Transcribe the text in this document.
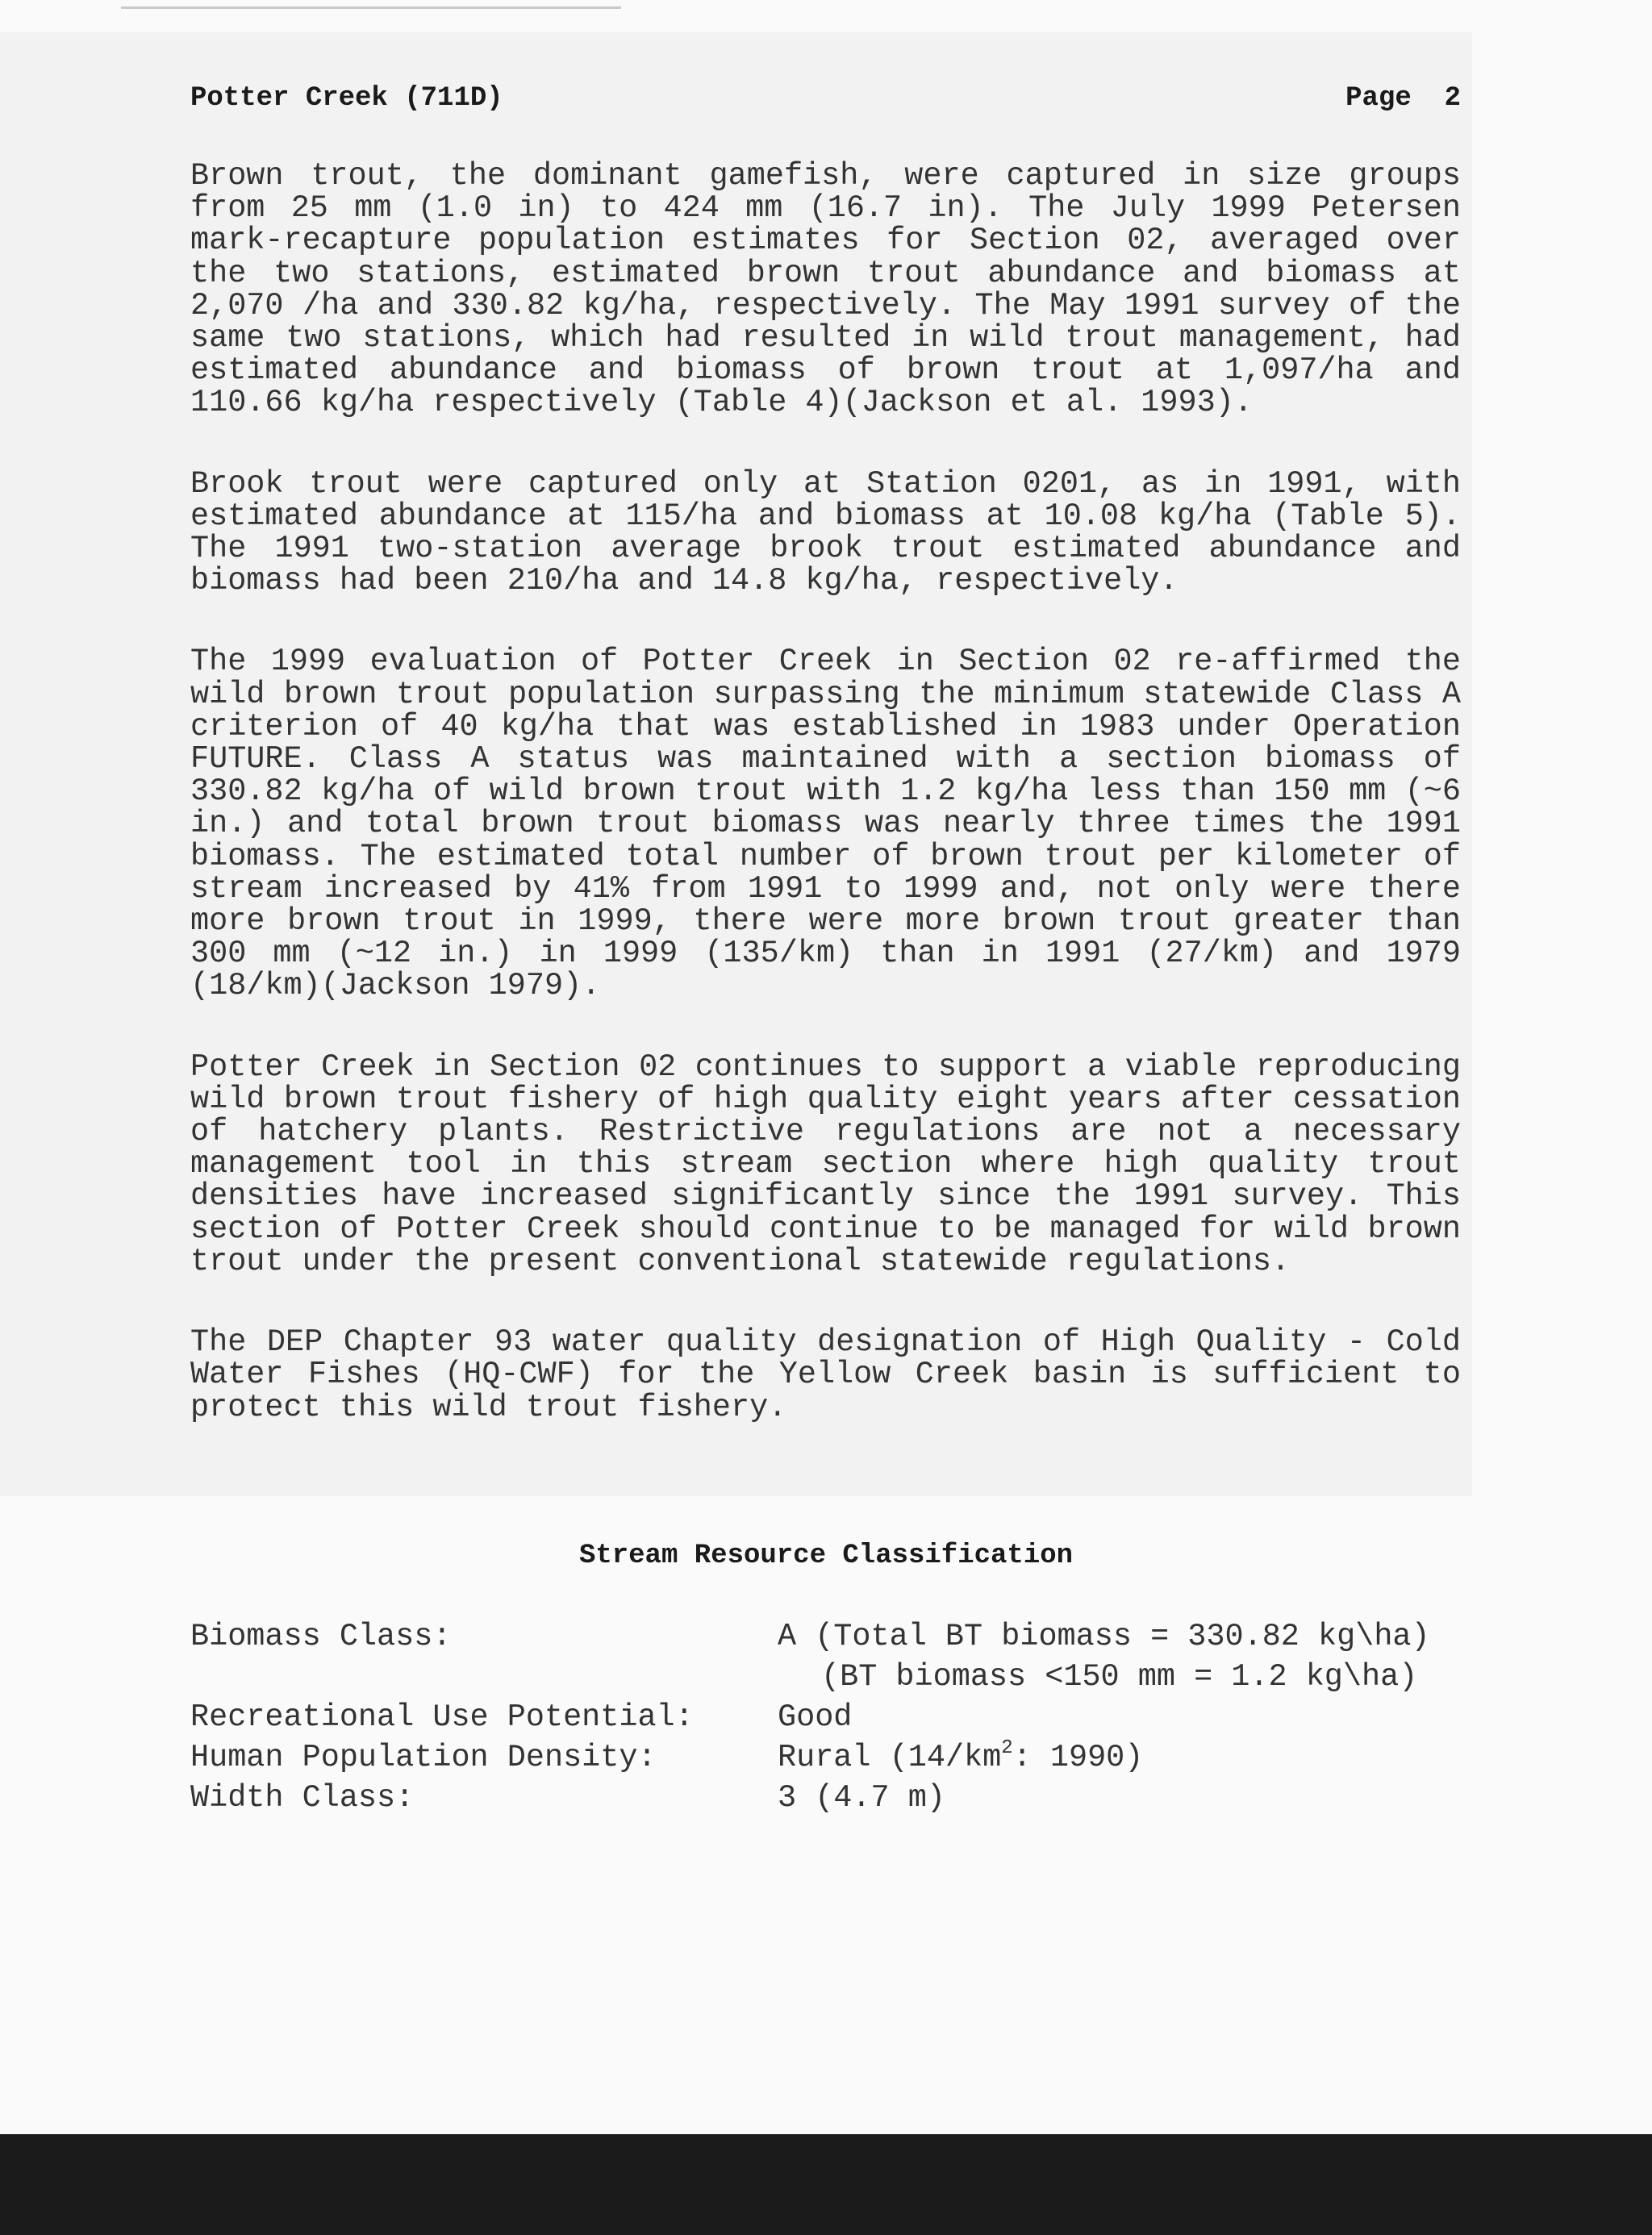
Potter Creek (711D)	Page 2

Brown trout, the dominant gamefish, were captured in size groups from 25 mm (1.0 in) to 424 mm (16.7 in). The July 1999 Petersen mark-recapture population estimates for Section 02, averaged over the two stations, estimated brown trout abundance and biomass at 2,070 /ha and 330.82 kg/ha, respectively. The May 1991 survey of the same two stations, which had resulted in wild trout management, had estimated abundance and biomass of brown trout at 1,097/ha and 110.66 kg/ha respectively (Table 4)(Jackson et al. 1993).

Brook trout were captured only at Station 0201, as in 1991, with estimated abundance at 115/ha and biomass at 10.08 kg/ha (Table 5). The 1991 two-station average brook trout estimated abundance and biomass had been 210/ha and 14.8 kg/ha, respectively.

The 1999 evaluation of Potter Creek in Section 02 re-affirmed the wild brown trout population surpassing the minimum statewide Class A criterion of 40 kg/ha that was established in 1983 under Operation FUTURE. Class A status was maintained with a section biomass of 330.82 kg/ha of wild brown trout with 1.2 kg/ha less than 150 mm (~6 in.) and total brown trout biomass was nearly three times the 1991 biomass. The estimated total number of brown trout per kilometer of stream increased by 41% from 1991 to 1999 and, not only were there more brown trout in 1999, there were more brown trout greater than 300 mm (~12 in.) in 1999 (135/km) than in 1991 (27/km) and 1979 (18/km)(Jackson 1979).

Potter Creek in Section 02 continues to support a viable reproducing wild brown trout fishery of high quality eight years after cessation of hatchery plants. Restrictive regulations are not a necessary management tool in this stream section where high quality trout densities have increased significantly since the 1991 survey. This section of Potter Creek should continue to be managed for wild brown trout under the present conventional statewide regulations.

The DEP Chapter 93 water quality designation of High Quality - Cold Water Fishes (HQ-CWF) for the Yellow Creek basin is sufficient to protect this wild trout fishery.

Stream Resource Classification
Biomass Class:	A (Total BT biomass = 330.82 kg\ha)
(BT biomass <150 mm = 1.2 kg\ha)
Recreational Use Potential:	Good
Human Population Density:	Rural ($14/km^2$: 1990)
Width Class:	3 (4.7 m)
